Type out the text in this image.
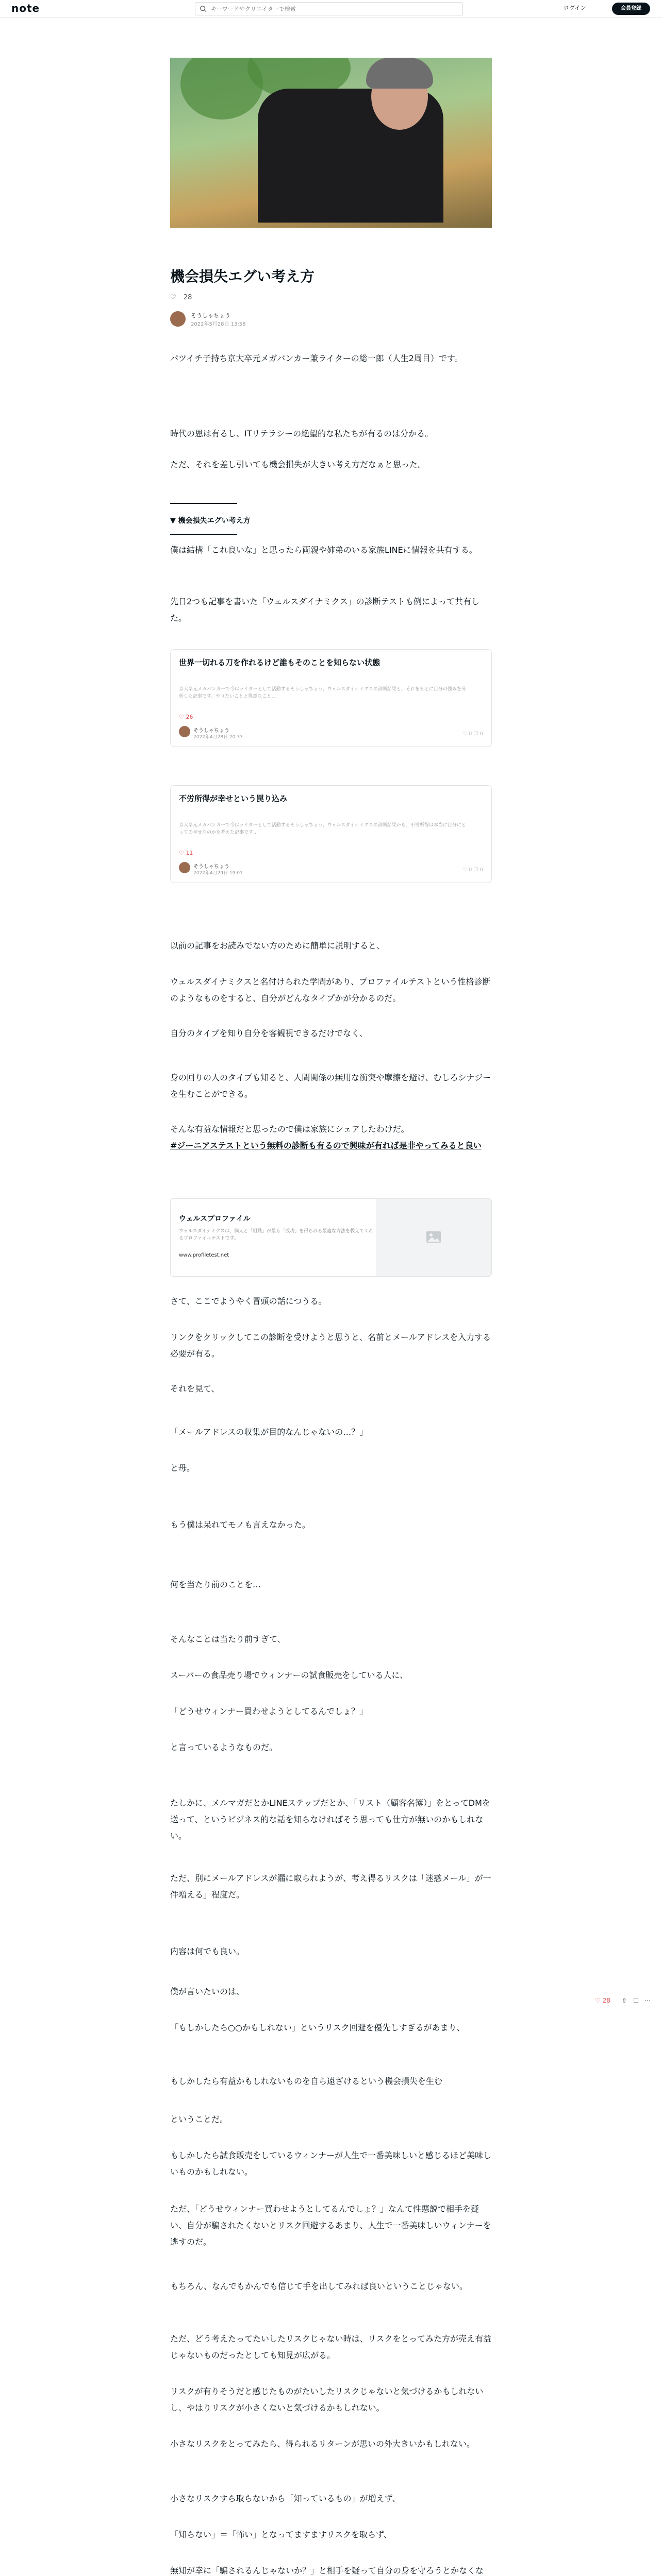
note
キーワードやクリエイターで検索	ログイン	会員登録
機会損失エグい考え方
♡ 28
そうしゃちょう
2022年5月28日 13:58

パツイチ子持ち京大卒元メガバンカー兼ライターの総一郎（人生2周目）です。

時代の恩は有るし、ITリテラシーの絶望的な私たちが有るのは分かる。

ただ、それを差し引いても機会損失が大きい考え方だなぁと思った。

▼ 機会損失エグい考え方

僕は結構「これ良いな」と思ったら両親や姉弟のいる家族LINEに情報を共有する。

先日2つも記事を書いた「ウェルスダイナミクス」の診断テストも例によって共有した。

世界一切れる刀を作れるけど誰もそのことを知らない状態
京大卒元メガバンカーで今はライターとして活動するそうしゃちょう。ウェルスダイナミクスの診断結果と、それをもとに自分の強みを分析した記事です。やりたいことと得意なこと…
♡ 26
そうしゃちょう
2022年4月28日 20:33
♡ 0 ☐ 0
不労所得が幸せという罠り込み
京大卒元メガバンカーで今はライターとして活動するそうしゃちょう。ウェルスダイナミクスの診断結果から、不労所得は本当に自分にとっての幸せなのかを考えた記事です…
♡ 11
そうしゃちょう
2022年4月29日 19:01
♡ 0 ☐ 0

以前の記事をお読みでない方のために簡単に説明すると、

ウェルスダイナミクスと名付けられた学問があり、プロファイルテストという性格診断のようなものをすると、自分がどんなタイプかが分かるのだ。

自分のタイプを知り自分を客観視できるだけでなく、

身の回りの人のタイプも知ると、人間関係の無用な衝突や摩擦を避け、むしろシナジーを生むことができる。

そんな有益な情報だと思ったので僕は家族にシェアしたわけだ。

#ジーニアステストという無料の診断も有るので興味が有れば是非やってみると良い

ウェルスプロファイル
ウェルスダイナミクスは、個人と「組織」が最も「成功」を得られる最適な方法を教えてくれるプロファイルテストです。
www.profiletest.net

さて、ここでようやく冒頭の話につうる。

リンクをクリックしてこの診断を受けようと思うと、名前とメールアドレスを入力する必要が有る。

それを見て、

「メールアドレスの収集が目的なんじゃないの…？」

と母。

もう僕は呆れてモノも言えなかった。

何を当たり前のことを…

そんなことは当たり前すぎて、

スーパーの食品売り場でウィンナーの試食販売をしている人に、

「どうせウィンナー買わせようとしてるんでしょ？」

と言っているようなものだ。

たしかに、メルマガだとかLINEステップだとか、「リスト（顧客名簿）」をとってDMを送って、というビジネス的な話を知らなければそう思っても仕方が無いのかもしれない。

ただ、別にメールアドレスが漏に取られようが、考え得るリスクは「迷惑メール」が一件増える」程度だ。

内容は何でも良い。

僕が言いたいのは、

「もしかしたら○○かもしれない」というリスク回避を優先しすぎるがあまり、

もしかしたら有益かもしれないものを自ら遠ざけるという機会損失を生む

ということだ。

もしかしたら試食販売をしているウィンナーが人生で一番美味しいと感じるほど美味しいものかもしれない。

ただ、「どうせウィンナー買わせようとしてるんでしょ？」なんて性悪説で相手を疑い、自分が騙されたくないとリスク回避するあまり、人生で一番美味しいウィンナーを逃すのだ。

もちろん、なんでもかんでも信じて手を出してみれば良いということじゃない。

ただ、どう考えたってたいしたリスクじゃない時は、リスクをとってみた方が売え有益じゃないものだったとしても知見が広がる。

リスクが有りそうだと感じたものがたいしたリスクじゃないと気づけるかもしれないし、やはりリスクが小さくないと気づけるかもしれない。

小さなリスクをとってみたら、得られるリターンが思いの外大きいかもしれない。

小さなリスクすら取らないから「知っているもの」が増えず、

「知らない」＝「怖い」となってますますリスクを取らず、

無知が幸に「騙されるんじゃないか？」と相手を疑って自分の身を守ろうとかなくな

♡ 28 ⇧ ☐ ⋯
